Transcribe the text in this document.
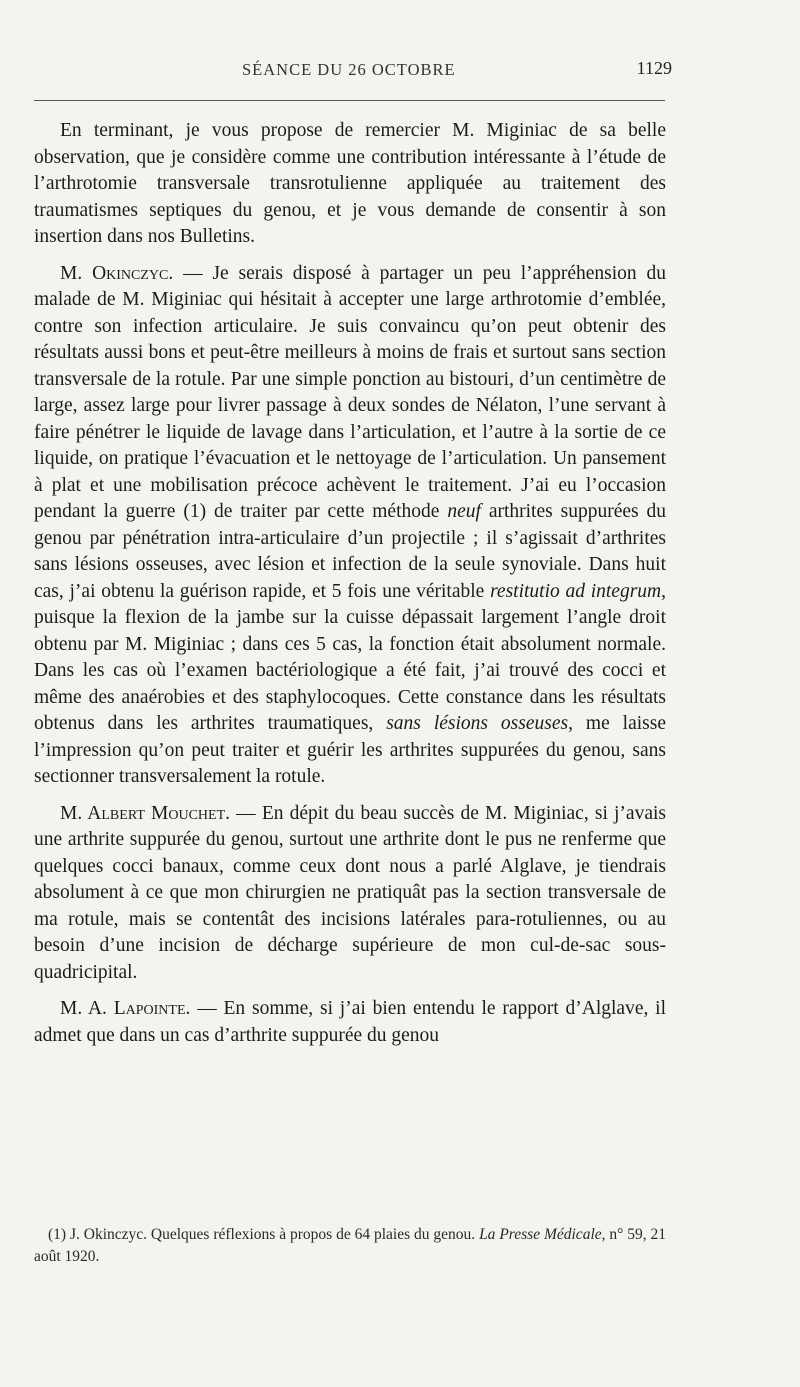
SÉANCE DU 26 OCTOBRE	1129

En terminant, je vous propose de remercier M. Miginiac de sa belle observation, que je considère comme une contribution intéressante à l’étude de l’arthrotomie transversale transrotulienne appliquée au traitement des traumatismes septiques du genou, et je vous demande de consentir à son insertion dans nos Bulletins.

M. Okinczyc. — Je serais disposé à partager un peu l’appréhension du malade de M. Miginiac qui hésitait à accepter une large arthrotomie d’emblée, contre son infection articulaire. Je suis convaincu qu’on peut obtenir des résultats aussi bons et peut-être meilleurs à moins de frais et surtout sans section transversale de la rotule. Par une simple ponction au bistouri, d’un centimètre de large, assez large pour livrer passage à deux sondes de Nélaton, l’une servant à faire pénétrer le liquide de lavage dans l’articulation, et l’autre à la sortie de ce liquide, on pratique l’évacuation et le nettoyage de l’articulation. Un pansement à plat et une mobilisation précoce achèvent le traitement. J’ai eu l’occasion pendant la guerre (1) de traiter par cette méthode neuf arthrites suppurées du genou par pénétration intra-articulaire d’un projectile ; il s’agissait d’arthrites sans lésions osseuses, avec lésion et infection de la seule synoviale. Dans huit cas, j’ai obtenu la guérison rapide, et 5 fois une véritable restitutio ad integrum, puisque la flexion de la jambe sur la cuisse dépassait largement l’angle droit obtenu par M. Miginiac ; dans ces 5 cas, la fonction était absolument normale. Dans les cas où l’examen bactériologique a été fait, j’ai trouvé des cocci et même des anaérobies et des staphylocoques. Cette constance dans les résultats obtenus dans les arthrites traumatiques, sans lésions osseuses, me laisse l’impression qu’on peut traiter et guérir les arthrites suppurées du genou, sans sectionner transversalement la rotule.

M. Albert Mouchet. — En dépit du beau succès de M. Miginiac, si j’avais une arthrite suppurée du genou, surtout une arthrite dont le pus ne renferme que quelques cocci banaux, comme ceux dont nous a parlé Alglave, je tiendrais absolument à ce que mon chirurgien ne pratiquât pas la section transversale de ma rotule, mais se contentât des incisions latérales para-rotuliennes, ou au besoin d’une incision de décharge supérieure de mon cul-de-sac sous-quadricipital.

M. A. Lapointe. — En somme, si j’ai bien entendu le rapport d’Alglave, il admet que dans un cas d’arthrite suppurée du genou

(1) J. Okinczyc. Quelques réflexions à propos de 64 plaies du genou. La Presse Médicale, n° 59, 21 août 1920.
